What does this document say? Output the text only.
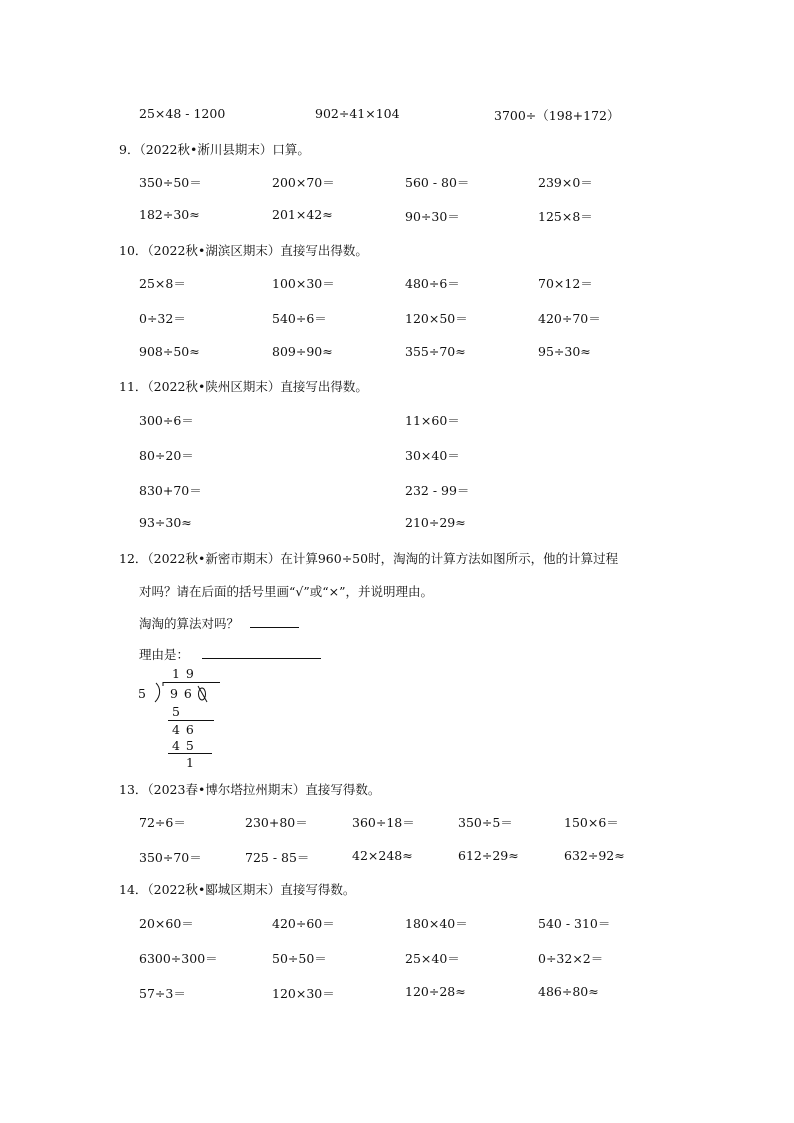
25×48 - 1200	902÷41×104	3700÷（198+172）
9．（2022秋•淅川县期末）口算。
350÷50＝	200×70＝	560 - 80＝	239×0＝
182÷30≈	201×42≈	90÷30＝	125×8＝
10．（2022秋•湖滨区期末）直接写出得数。
25×8＝	100×30＝	480÷6＝	70×12＝
0÷32＝	540÷6＝	120×50＝	420÷70＝
908÷50≈	809÷90≈	355÷70≈	95÷30≈
11．（2022秋•陕州区期末）直接写出得数。
300÷6＝	11×60＝
80÷20＝	30×40＝
830+70＝	232 - 99＝
93÷30≈	210÷29≈
12．（2022秋•新密市期末）在计算960÷50时，淘淘的计算方法如图所示，他的计算过程
对吗？请在后面的括号里画“√”或“×”，并说明理由。
淘淘的算法对吗？
理由是：
1 9
5 9 6
5
4 6
4 5
1
13．（2023春•博尔塔拉州期末）直接写得数。
72÷6＝	230+80＝	360÷18＝	350÷5＝	150×6＝
350÷70＝	725 - 85＝	42×248≈	612÷29≈	632÷92≈
14．（2022秋•郾城区期末）直接写得数。
20×60＝	420÷60＝	180×40＝	540 - 310＝
6300÷300＝	50÷50＝	25×40＝	0÷32×2＝
57÷3＝	120×30＝	120÷28≈	486÷80≈
